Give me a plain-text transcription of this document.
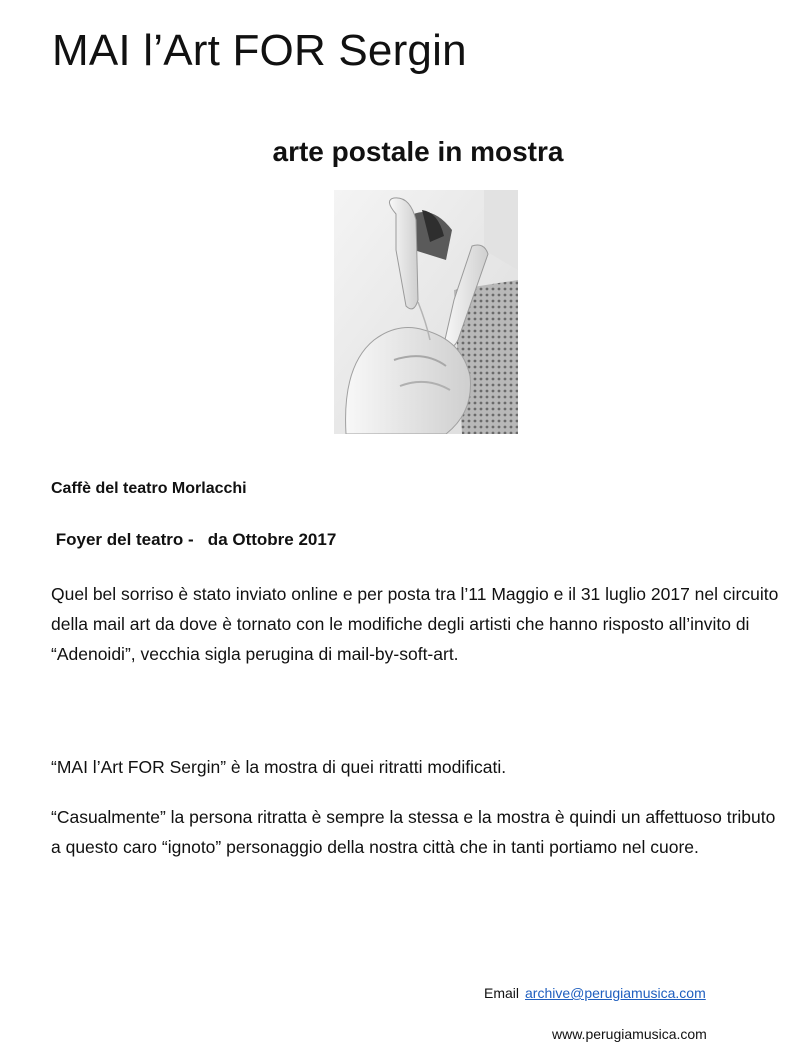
MAI l’Art FOR Sergin
arte postale in mostra

Caffè del teatro Morlacchi

Foyer del teatro -   da Ottobre 2017

Quel bel sorriso è stato inviato online e per posta tra l’11 Maggio e il 31 luglio 2017 nel circuito della mail art da dove è tornato con le modifiche degli artisti che hanno risposto all’invito di “Adenoidi”, vecchia sigla perugina di mail-by-soft-art.

“MAI l’Art FOR Sergin” è la mostra di quei ritratti modificati.

“Casualmente” la persona ritratta è sempre la stessa e la mostra è quindi un affettuoso tributo a questo caro “ignoto” personaggio della nostra città che in tanti portiamo nel cuore.

Email archive@perugiamusica.com

www.perugiamusica.com
